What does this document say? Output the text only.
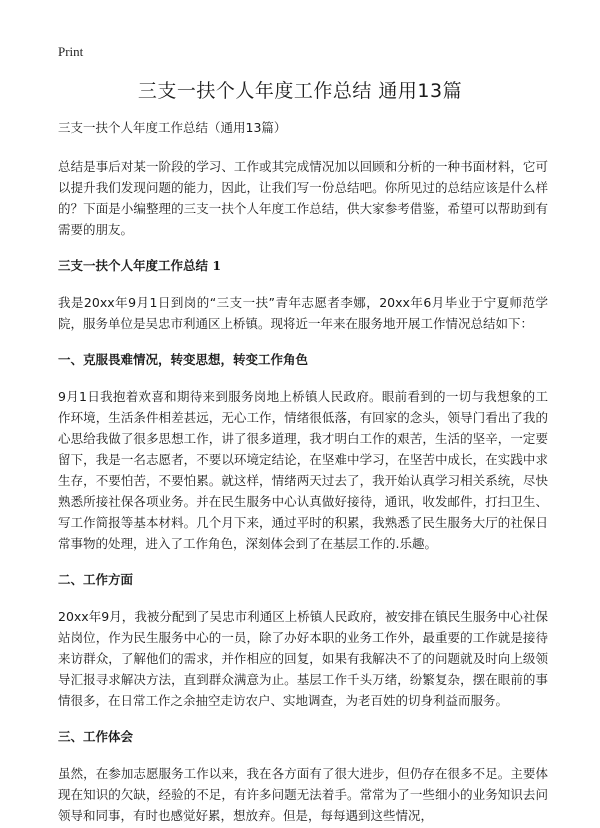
Print
三支一扶个人年度工作总结 通用13篇

三支一扶个人年度工作总结（通用13篇）

总结是事后对某一阶段的学习、工作或其完成情况加以回顾和分析的一种书面材料，它可以提升我们发现问题的能力，因此，让我们写一份总结吧。你所见过的总结应该是什么样的？下面是小编整理的三支一扶个人年度工作总结，供大家参考借鉴，希望可以帮助到有需要的朋友。

三支一扶个人年度工作总结 1

我是20xx年9月1日到岗的“三支一扶”青年志愿者李娜，20xx年6月毕业于宁夏师范学院，服务单位是吴忠市利通区上桥镇。现将近一年来在服务地开展工作情况总结如下：

一、克服畏难情况，转变思想，转变工作角色

9月1日我抱着欢喜和期待来到服务岗地上桥镇人民政府。眼前看到的一切与我想象的工作环境，生活条件相差甚远，无心工作，情绪很低落，有回家的念头，领导门看出了我的心思给我做了很多思想工作，讲了很多道理，我才明白工作的艰苦，生活的坚辛，一定要留下，我是一名志愿者，不要以环境定结论，在坚难中学习，在坚苦中成长，在实践中求生存，不要怕苦，不要怕累。就这样，情绪两天过去了，我开始认真学习相关系统，尽快熟悉所接社保各项业务。并在民生服务中心认真做好接待，通讯，收发邮件，打扫卫生、写工作简报等基本材料。几个月下来，通过平时的积累，我熟悉了民生服务大厅的社保日常事物的处理，进入了工作角色，深刻体会到了在基层工作的.乐趣。

二、工作方面

20xx年9月，我被分配到了吴忠市利通区上桥镇人民政府，被安排在镇民生服务中心社保站岗位，作为民生服务中心的一员，除了办好本职的业务工作外，最重要的工作就是接待来访群众，了解他们的需求，并作相应的回复，如果有我解决不了的问题就及时向上级领导汇报寻求解决方法，直到群众满意为止。基层工作千头万绪，纷繁复杂，摆在眼前的事情很多，在日常工作之余抽空走访农户、实地调查，为老百姓的切身利益而服务。

三、工作体会

虽然，在参加志愿服务工作以来，我在各方面有了很大进步，但仍存在很多不足。主要体现在知识的欠缺，经验的不足，有许多问题无法着手。常常为了一些细小的业务知识去问领导和同事，有时也感觉好累，想放弃。但是，每每遇到这些情况，
